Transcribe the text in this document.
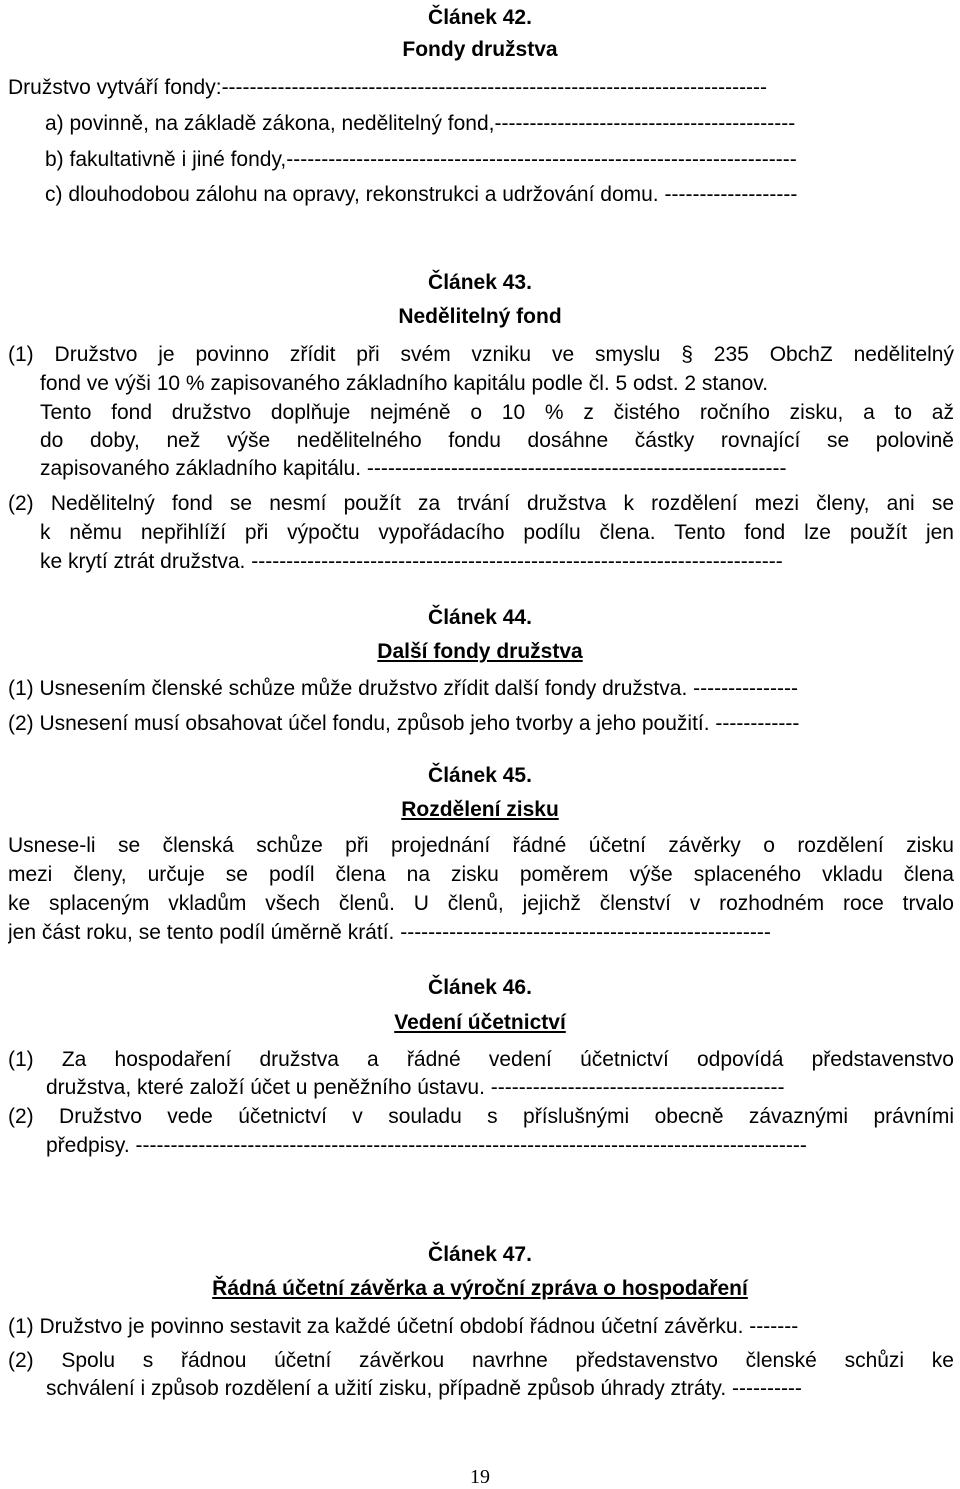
Článek 42.
Fondy družstva
Družstvo vytváří fondy:------------------------------------------------------------------------------
a) povinně, na základě zákona, nedělitelný fond,-------------------------------------------
b) fakultativně i jiné fondy,-------------------------------------------------------------------------
c) dlouhodobou zálohu na opravy, rekonstrukci a udržování domu. -------------------
Článek 43.
Nedělitelný fond
(1) Družstvo je povinno zřídit při svém vzniku ve smyslu § 235 ObchZ nedělitelný
fond ve výši 10 % zapisovaného základního kapitálu podle čl. 5 odst. 2 stanov.
Tento fond družstvo doplňuje nejméně o 10 % z čistého ročního zisku, a to až
do doby, než výše nedělitelného fondu dosáhne částky rovnající se polovině
zapisovaného základního kapitálu. ------------------------------------------------------------
(2) Nedělitelný fond se nesmí použít za trvání družstva k rozdělení mezi členy, ani se
k němu nepřihlíží při výpočtu vypořádacího podílu člena. Tento fond lze použít jen
ke krytí ztrát družstva. ----------------------------------------------------------------------------
Článek 44.
Další fondy družstva
(1) Usnesením členské schůze může družstvo zřídit další fondy družstva. ---------------
(2) Usnesení musí obsahovat účel fondu, způsob jeho tvorby a jeho použití. ------------
Článek 45.
Rozdělení zisku
Usnese-li se členská schůze při projednání řádné účetní závěrky o rozdělení zisku
mezi členy, určuje se podíl člena na zisku poměrem výše splaceného vkladu člena
ke splaceným vkladům všech členů. U členů, jejichž členství v rozhodném roce trvalo
jen část roku, se tento podíl úměrně krátí. -----------------------------------------------------
Článek 46.
Vedení účetnictví
(1) Za hospodaření družstva a řádné vedení účetnictví odpovídá představenstvo
družstva, které založí účet u peněžního ústavu. ------------------------------------------
(2) Družstvo vede účetnictví v souladu s příslušnými obecně závaznými právními
předpisy. ------------------------------------------------------------------------------------------------
Článek 47.
Řádná účetní závěrka a výroční zpráva o hospodaření
(1) Družstvo je povinno sestavit za každé účetní období řádnou účetní závěrku. -------
(2) Spolu s řádnou účetní závěrkou navrhne představenstvo členské schůzi ke
schválení i způsob rozdělení a užití zisku, případně způsob úhrady ztráty. ----------
19
